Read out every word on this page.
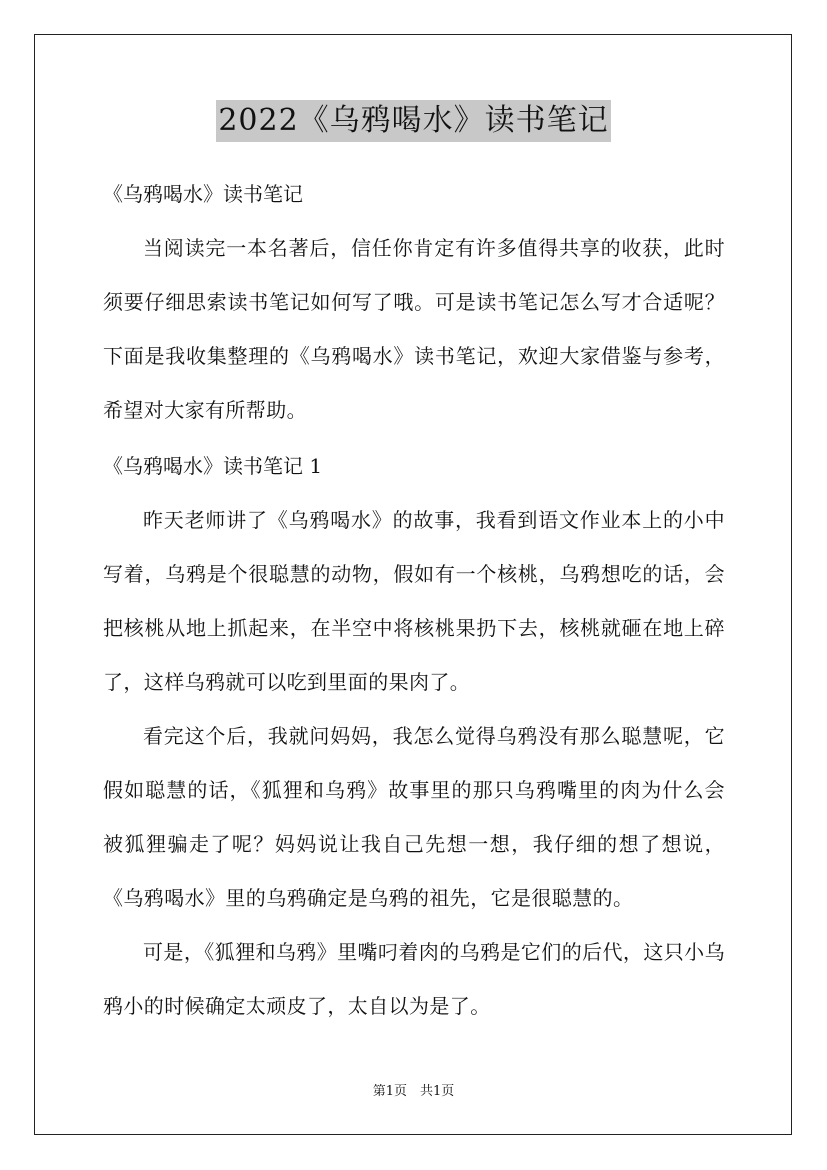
2022《乌鸦喝水》读书笔记

《乌鸦喝水》读书笔记

当阅读完一本名著后，信任你肯定有许多值得共享的收获，此时须要仔细思索读书笔记如何写了哦。可是读书笔记怎么写才合适呢？下面是我收集整理的《乌鸦喝水》读书笔记，欢迎大家借鉴与参考，希望对大家有所帮助。

《乌鸦喝水》读书笔记 1

昨天老师讲了《乌鸦喝水》的故事，我看到语文作业本上的小中写着，乌鸦是个很聪慧的动物，假如有一个核桃，乌鸦想吃的话，会把核桃从地上抓起来，在半空中将核桃果扔下去，核桃就砸在地上碎了，这样乌鸦就可以吃到里面的果肉了。

看完这个后，我就问妈妈，我怎么觉得乌鸦没有那么聪慧呢，它假如聪慧的话，《狐狸和乌鸦》故事里的那只乌鸦嘴里的肉为什么会被狐狸骗走了呢？妈妈说让我自己先想一想，我仔细的想了想说，《乌鸦喝水》里的乌鸦确定是乌鸦的祖先，它是很聪慧的。

可是，《狐狸和乌鸦》里嘴叼着肉的乌鸦是它们的后代，这只小乌鸦小的时候确定太顽皮了，太自以为是了。

第1页　共1页
